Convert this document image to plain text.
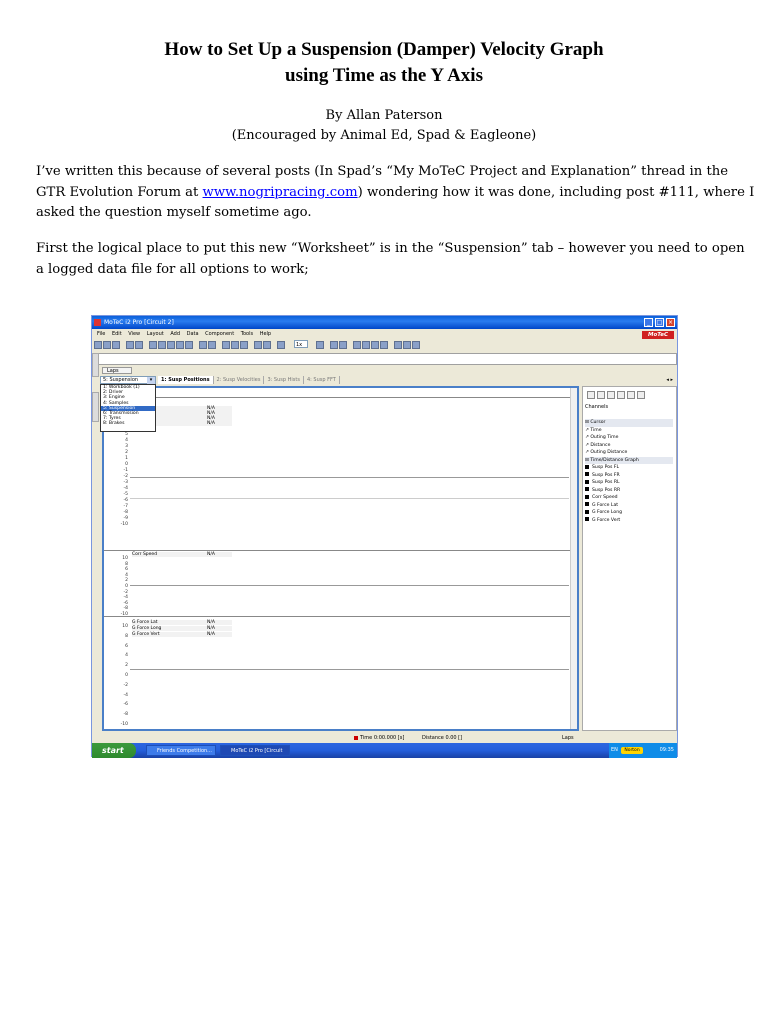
How to Set Up a Suspension (Damper) Velocity Graph
using Time as the Y Axis
By Allan Paterson
(Encouraged by Animal Ed, Spad & Eagleone)
I’ve written this because of several posts (In Spad’s “My MoTeC Project and Explanation” thread in the GTR Evolution Forum at www.nogripracing.com) wondering how it was done, including post #111, where I asked the question myself sometime ago.
First the logical place to put this new “Worksheet” is in the “Suspension” tab – however you need to open a logged data file for all options to work;
MoTeC i2 Pro [Circuit 2]	_	□ ×
File Edit View Layout Add Data Component Tools Help	MoTeC
1x
Laps
5: Suspension	▾	1: Susp Positions 2: Susp Velocities 3: Susp Hists 4: Susp FFT	◂ ▸
N/A
N/A
N/A
N/A
5
4
3
2
1
0
-1
-2
-3
-4
-5
-6
-7
-8
-9
-10
Corr Speed	N/A
10
8
6
4
2
0
-2
-4
-6
-8
-10
G Force Lat	N/A
G Force Long	N/A
G Force Vert	N/A
10
8
6
4
2
0
-2
-4
-6
-8
-10
1: Workbook (1)
2: Driver
3: Engine
4: Samples
5: Suspension
6: Transmission
7: Tyres
8: Brakes
Channels
⊟ Cursor
↗ Time
↗ Outing Time
↗ Distance
↗ Outing Distance
⊟ Time/Distance Graph
Susp Pos FL
Susp Pos FR
Susp Pos RL
Susp Pos RR
Corr Speed
G Force Lat
G Force Long
G Force Vert
Time 0:00.000 [s]	Distance 0.00 []	Laps
start	Friends Competition...	MoTeC i2 Pro [Circuit 2]
EN	Norton	09:35
